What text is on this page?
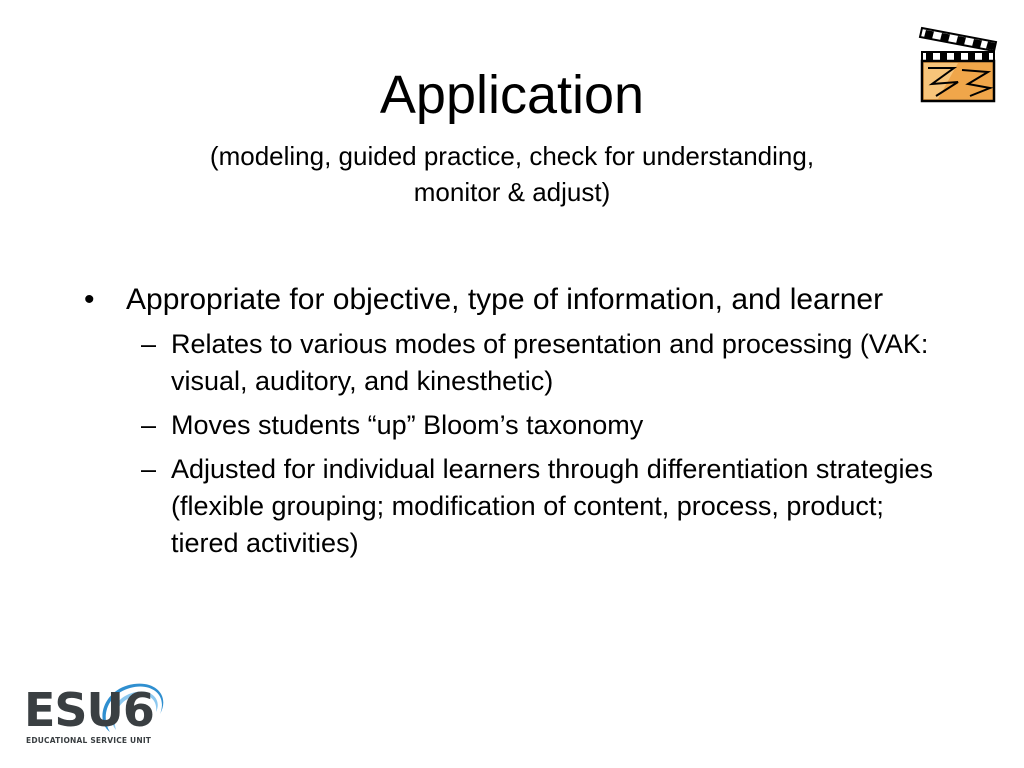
Application
(modeling, guided practice, check for understanding,
monitor & adjust)
• Appropriate for objective, type of information, and learner
– Relates to various modes of presentation and processing (VAK: visual, auditory, and kinesthetic)
– Moves students “up” Bloom’s taxonomy
– Adjusted for individual learners through differentiation strategies (flexible grouping; modification of content, process, product; tiered activities)
ESU6
EDUCATIONAL SERVICE UNIT
